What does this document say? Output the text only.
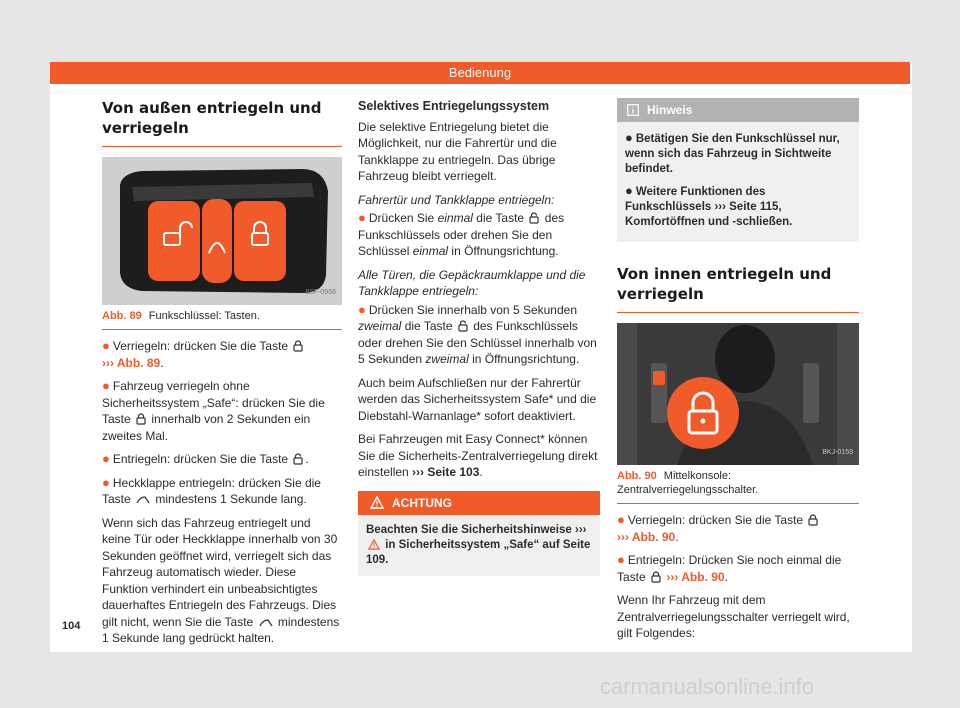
Bedienung
Von außen entriegeln und verriegeln
B5F-0956
Abb. 89 Funkschlüssel: Tasten.

● Verriegeln: drücken Sie die Taste
››› Abb. 89.

● Fahrzeug verriegeln ohne Sicherheitssystem „Safe“: drücken Sie die Taste innerhalb von 2 Sekunden ein zweites Mal.

● Entriegeln: drücken Sie die Taste .

● Heckklappe entriegeln: drücken Sie die Taste mindestens 1 Sekunde lang.

Wenn sich das Fahrzeug entriegelt und keine Tür oder Heckklappe innerhalb von 30 Sekunden geöffnet wird, verriegelt sich das Fahrzeug automatisch wieder. Diese Funktion verhindert ein unbeabsichtigtes dauerhaftes Entriegeln des Fahrzeugs. Dies gilt nicht, wenn Sie die Taste mindestens 1 Sekunde lang gedrückt halten.

Selektives Entriegelungssystem

Die selektive Entriegelung bietet die Möglichkeit, nur die Fahrertür und die Tankklappe zu entriegeln. Das übrige Fahrzeug bleibt verriegelt.

Fahrertür und Tankklappe entriegeln:

● Drücken Sie einmal die Taste des Funkschlüssels oder drehen Sie den Schlüssel einmal in Öffnungsrichtung.

Alle Türen, die Gepäckraumklappe und die Tankklappe entriegeln:

● Drücken Sie innerhalb von 5 Sekunden zweimal die Taste des Funkschlüssels oder drehen Sie den Schlüssel innerhalb von 5 Sekunden zweimal in Öffnungsrichtung.

Auch beim Aufschließen nur der Fahrertür werden das Sicherheitssystem Safe* und die Diebstahl-Warnanlage* sofort deaktiviert.

Bei Fahrzeugen mit Easy Connect* können Sie die Sicherheits-Zentralverriegelung direkt einstellen ››› Seite 103.

ACHTUNG
Beachten Sie die Sicherheitshinweise ›››  in Sicherheitssystem „Safe“ auf Seite 109.
Hinweis

● Betätigen Sie den Funkschlüssel nur, wenn sich das Fahrzeug in Sichtweite befindet.

● Weitere Funktionen des Funkschlüssels ››› Seite 115, Komfortöffnen und -schließen.

Von innen entriegeln und verriegeln
BKJ-0159
Abb. 90 Mittelkonsole: Zentralverriegelungsschalter.

● Verriegeln: drücken Sie die Taste
››› Abb. 90.

● Entriegeln: Drücken Sie noch einmal die Taste ››› Abb. 90.

Wenn Ihr Fahrzeug mit dem Zentralverriegelungsschalter verriegelt wird, gilt Folgendes:

104
carmanualsonline.info
